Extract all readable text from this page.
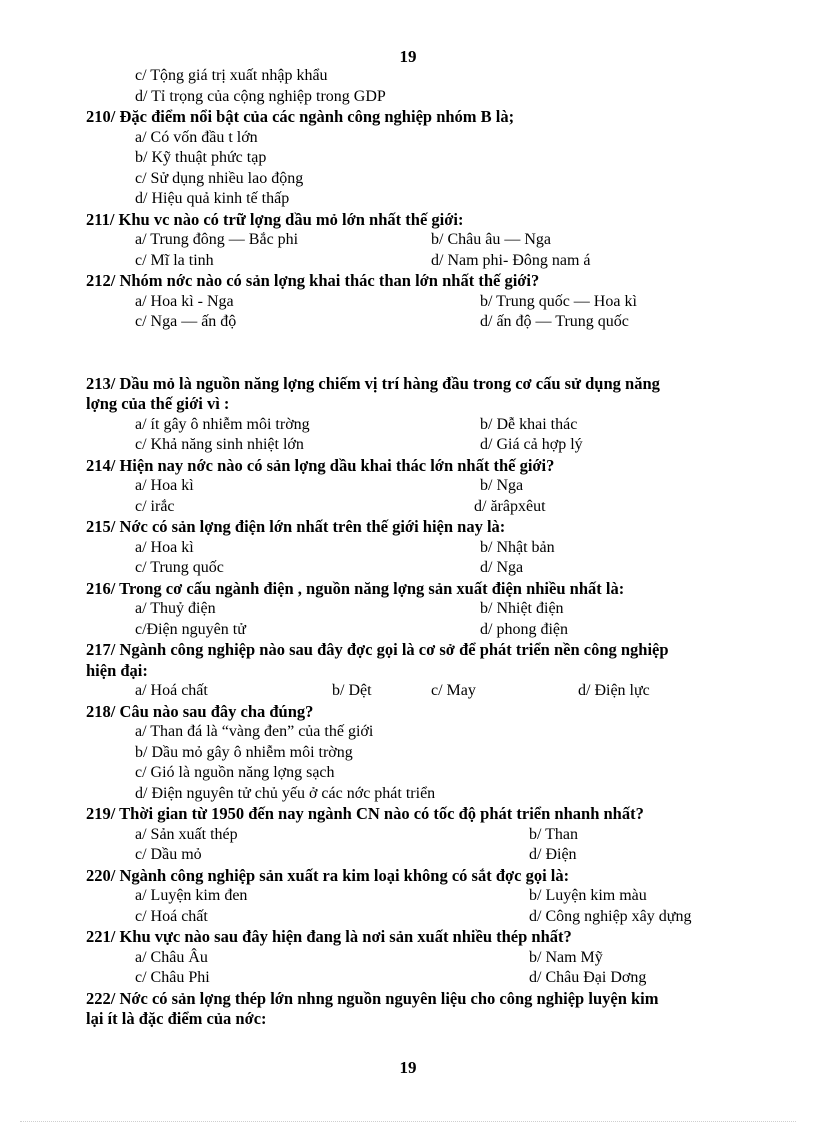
19
c/ Tộng giá trị xuất nhập khẩu
d/ Tỉ trọng của cộng nghiệp trong GDP
210/ Đặc điểm nổi bật của các ngành công nghiệp nhóm B là;
a/ Có vốn đầu t lớn
b/ Kỹ thuật phức tạp
c/ Sử dụng nhiều lao động
d/ Hiệu quả kinh tế thấp
211/ Khu vc nào có trữ lợng dầu mỏ lớn nhất thế giới:
a/ Trung đông — Bắc phi	b/ Châu âu — Nga
c/ Mĩ la tinh	d/ Nam phi- Đông nam á
212/ Nhóm nớc nào có sản lợng khai thác than lớn nhất thế giới?
a/ Hoa kì - Nga	b/ Trung quốc — Hoa kì
c/ Nga — ấn độ	d/ ấn độ — Trung quốc
213/ Dầu mỏ là nguồn năng lợng chiếm vị trí hàng đầu trong cơ cấu sử dụng năng
lợng của thế giới vì :
a/ ít gây ô nhiễm môi trờng	b/ Dễ khai thác
c/ Khả năng sinh nhiệt lớn	d/ Giá cả hợp lý
214/ Hiện nay nớc nào có sản lợng dầu khai thác lớn nhất thế giới?
a/ Hoa kì	b/ Nga
c/ irắc	d/ ărâpxêut
215/ Nớc có sản lợng điện lớn nhất trên thế giới hiện nay là:
a/ Hoa kì	b/ Nhật bản
c/ Trung quốc	d/ Nga
216/ Trong cơ cấu ngành điện , nguồn năng lợng sản xuất điện nhiều nhất là:
a/ Thuỷ điện	b/ Nhiệt điện
c/Điện nguyên tử	d/ phong điện
217/ Ngành công nghiệp nào sau đây đợc gọi là cơ sở để phát triển nền công nghiệp
hiện đại:
a/ Hoá chất	b/ Dệt	c/ May	d/ Điện lực
218/ Câu nào sau đây cha đúng?
a/ Than đá là “vàng đen” của thế giới
b/ Dầu mỏ gây ô nhiễm môi trờng
c/ Gió là nguồn năng lợng sạch
d/ Điện nguyên tử chủ yếu ở các nớc phát triển
219/ Thời gian từ 1950 đến nay ngành CN nào có tốc độ phát triển nhanh nhất?
a/ Sản xuất thép	b/ Than
c/ Dầu mỏ	d/ Điện
220/ Ngành công nghiệp sản xuất ra kim loại không có sắt đợc gọi là:
a/ Luyện kim đen	b/ Luyện kim màu
c/ Hoá chất	d/ Công nghiệp xây dựng
221/ Khu vực nào sau đây hiện đang là nơi sản xuất nhiều thép nhất?
a/ Châu Âu	b/ Nam Mỹ
c/ Châu Phi	d/ Châu Đại Dơng
222/ Nớc có sản lợng thép lớn nhng nguồn nguyên liệu cho công nghiệp luyện kim
lại ít là đặc điểm của nớc:
19
